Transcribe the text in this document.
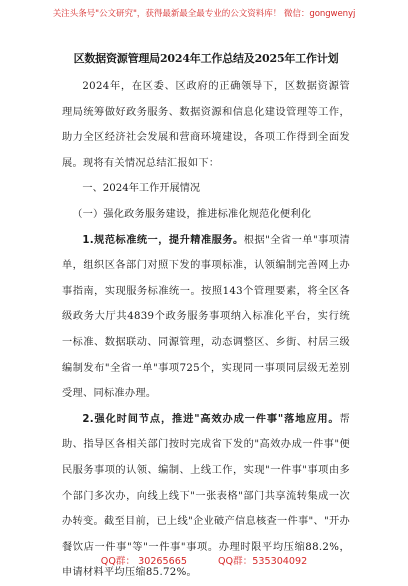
关注头条号"公文研究"，获得最新最全最专业的公文资料库！ 微信：gongwenyj
区数据资源管理局2024年工作总结及2025年工作计划

2024年，在区委、区政府的正确领导下，区数据资源管理局统筹做好政务服务、数据资源和信息化建设管理等工作，助力全区经济社会发展和营商环境建设，各项工作得到全面发展。现将有关情况总结汇报如下：

一、2024年工作开展情况

（一）强化政务服务建设，推进标准化规范化便利化

1.规范标准统一，提升精准服务。根据"全省一单"事项清单，组织区各部门对照下发的事项标准，认领编制完善网上办事指南，实现服务标准统一。按照143个管理要素，将全区各级政务大厅共4839个政务服务事项纳入标准化平台，实行统一标准、数据联动、同源管理，动态调整区、乡街、村居三级编制发布"全省一单"事项725个，实现同一事项同层级无差别受理、同标准办理。

2.强化时间节点，推进"高效办成一件事"落地应用。帮助、指导区各相关部门按时完成省下发的"高效办成一件事"便民服务事项的认领、编制、上线工作，实现"一件事"事项由多个部门多次办，向线上线下"一张表格"部门共享流转集成一次办转变。截至目前，已上线"企业破产信息核查一件事"、"开办餐饮店一件事"等"一件事"事项。办理时限平均压缩88.2%，申请材料平均压缩85.72%。

QQ群： 30265665	QQ群：535304092
